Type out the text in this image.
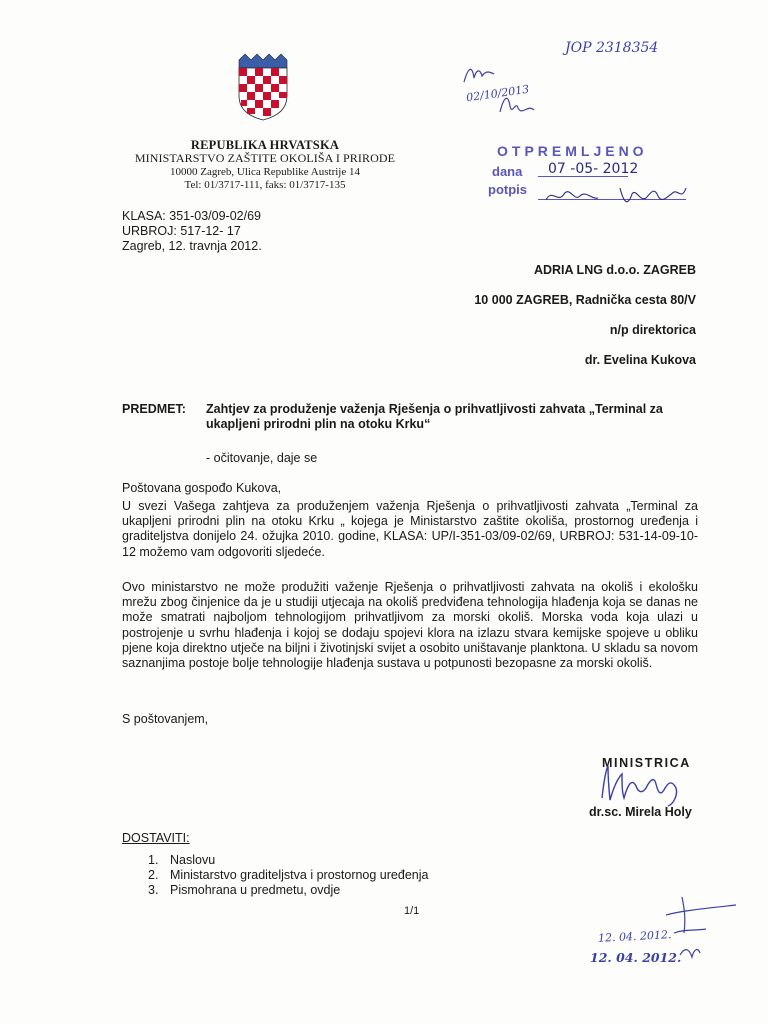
REPUBLIKA HRVATSKA
MINISTARSTVO ZAŠTITE OKOLIŠA I PRIRODE
10000 Zagreb, Ulica Republike Austrije 14
Tel: 01/3717-111, faks: 01/3717-135
KLASA: 351-03/09-02/69
URBROJ: 517-12- 17
Zagreb, 12. travnja 2012.
ADRIA LNG d.o.o. ZAGREB
10 000 ZAGREB, Radnička cesta 80/V
n/p direktorica
dr. Evelina Kukova
PREDMET: Zahtjev za produženje važenja Rješenja o prihvatljivosti zahvata „Terminal za ukapljeni prirodni plin na otoku Krku“
- očitovanje, daje se
Poštovana gospođo Kukova,
U svezi Vašega zahtjeva za produženjem važenja Rješenja o prihvatljivosti zahvata „Terminal za ukapljeni prirodni plin na otoku Krku „ kojega je Ministarstvo zaštite okoliša, prostornog uređenja i graditeljstva donijelo 24. ožujka 2010. godine, KLASA: UP/I-351-03/09-02/69, URBROJ: 531-14-09-10-12 možemo vam odgovoriti sljedeće.
Ovo ministarstvo ne može produžiti važenje Rješenja o prihvatljivosti zahvata na okoliš i ekološku mrežu zbog činjenice da je u studiji utjecaja na okoliš predviđena tehnologija hlađenja koja se danas ne može smatrati najboljom tehnologijom prihvatljivom za morski okoliš. Morska voda koja ulazi u postrojenje u svrhu hlađenja i kojoj se dodaju spojevi klora na izlazu stvara kemijske spojeve u obliku pjene koja direktno utječe na biljni i životinjski svijet a osobito uništavanje planktona. U skladu sa novom saznanjima postoje bolje tehnologije hlađenja sustava u potpunosti bezopasne za morski okoliš.
S poštovanjem,
MINISTRICA
dr.sc. Mirela Holy
DOSTAVITI:
1. Naslovu
2. Ministarstvo graditeljstva i prostornog uređenja
3. Pismohrana u predmetu, ovdje
1/1
OTPREMLJENO
dana 07 -05- 2012
potpis
JOP 2318354
02/10/2013
12. 04. 2012.
12. 04. 2012.
